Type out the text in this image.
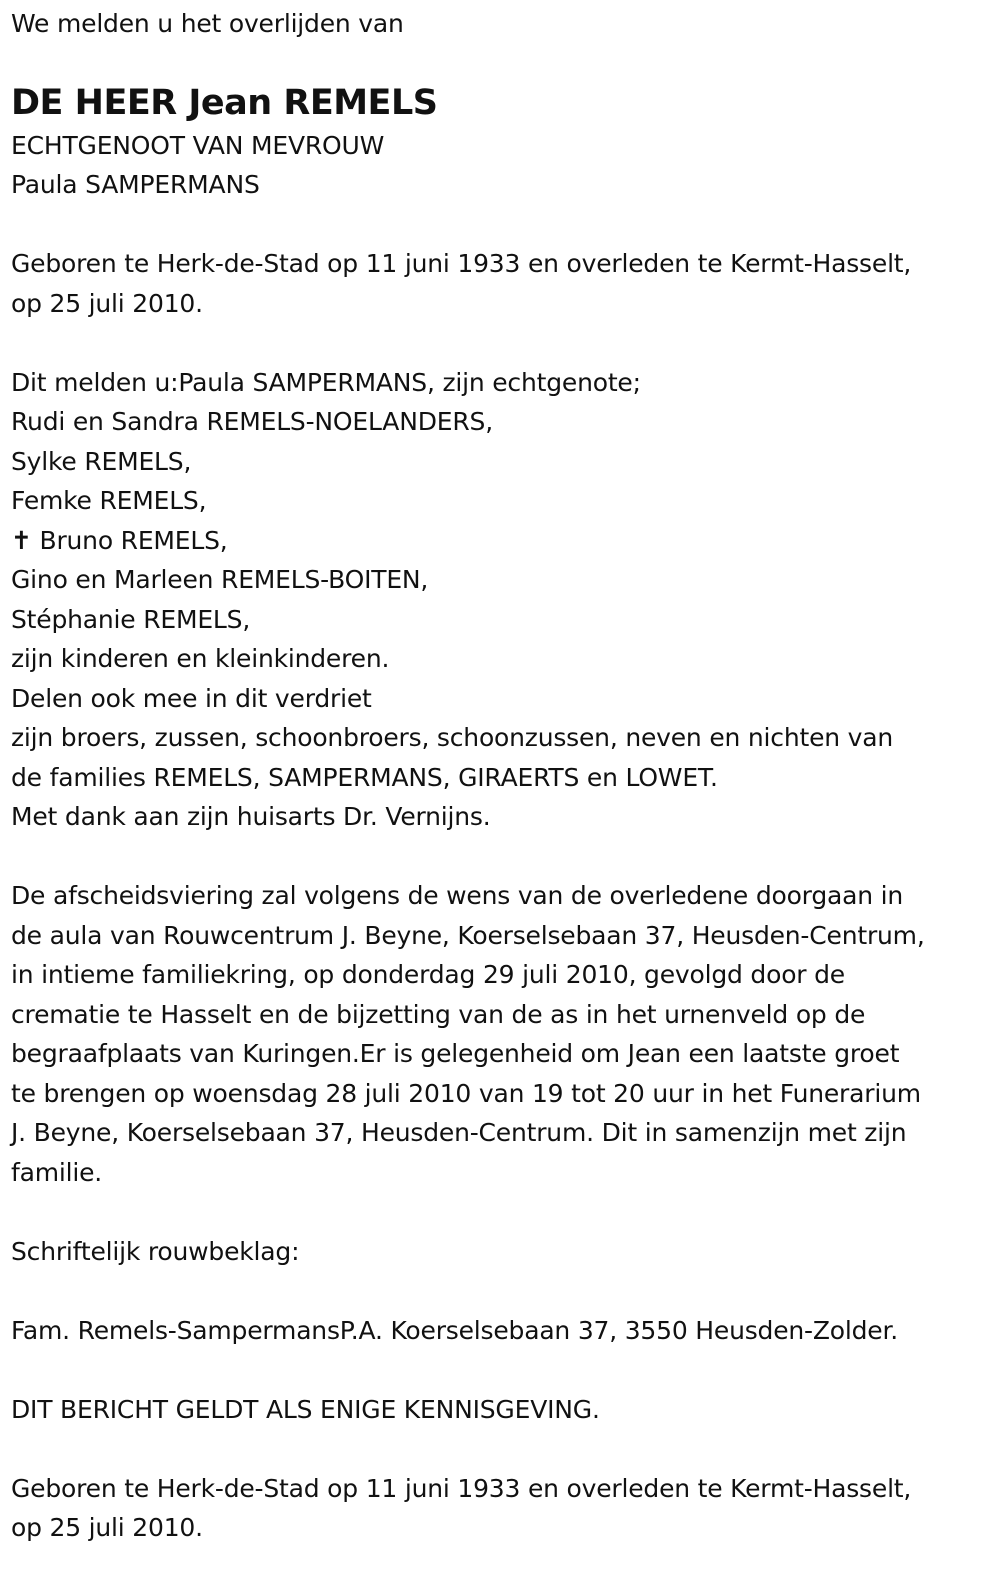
We melden u het overlijden van
DE HEER Jean REMELS
ECHTGENOOT VAN MEVROUW
Paula SAMPERMANS
Geboren te Herk-de-Stad op 11 juni 1933 en overleden te Kermt-Hasselt,
op 25 juli 2010.
Dit melden u:Paula SAMPERMANS, zijn echtgenote;
Rudi en Sandra REMELS-NOELANDERS,
Sylke REMELS,
Femke REMELS,
✝ Bruno REMELS,
Gino en Marleen REMELS-BOITEN,
Stéphanie REMELS,
zijn kinderen en kleinkinderen.
Delen ook mee in dit verdriet
zijn broers, zussen, schoonbroers, schoonzussen, neven en nichten van
de families REMELS, SAMPERMANS, GIRAERTS en LOWET.
Met dank aan zijn huisarts Dr. Vernijns.
De afscheidsviering zal volgens de wens van de overledene doorgaan in
de aula van Rouwcentrum J. Beyne, Koerselsebaan 37, Heusden-Centrum,
in intieme familiekring, op donderdag 29 juli 2010, gevolgd door de
crematie te Hasselt en de bijzetting van de as in het urnenveld op de
begraafplaats van Kuringen.Er is gelegenheid om Jean een laatste groet
te brengen op woensdag 28 juli 2010 van 19 tot 20 uur in het Funerarium
J. Beyne, Koerselsebaan 37, Heusden-Centrum. Dit in samenzijn met zijn
familie.
Schriftelijk rouwbeklag:
Fam. Remels-SampermansP.A. Koerselsebaan 37, 3550 Heusden-Zolder.
DIT BERICHT GELDT ALS ENIGE KENNISGEVING.
Geboren te Herk-de-Stad op 11 juni 1933 en overleden te Kermt-Hasselt,
op 25 juli 2010.
